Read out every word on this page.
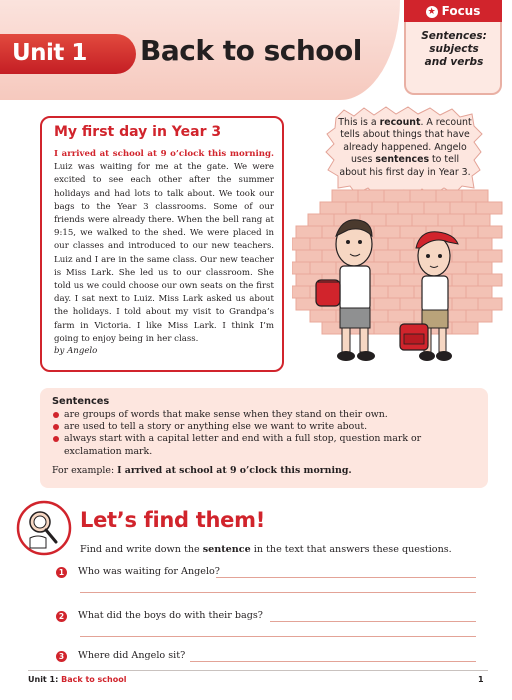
Unit 1 Back to school
★ Focus
Sentences:
subjects
and verbs
My first day in Year 3
I arrived at school at 9 o’clock this morning. Luiz was waiting for me at the gate. We were excited to see each other after the summer holidays and had lots to talk about. We took our bags to the Year 3 classrooms. Some of our friends were already there. When the bell rang at 9:15, we walked to the shed. We were placed in our classes and introduced to our new teachers. Luiz and I are in the same class. Our new teacher is Miss Lark. She led us to our classroom. She told us we could choose our own seats on the first day. I sat next to Luiz. Miss Lark asked us about the holidays. I told about my visit to Grandpa’s farm in Victoria. I like Miss Lark. I think I’m going to enjoy being in her class.
by Angelo
This is a recount. A recount tells about things that have already happened. Angelo uses sentences to tell about his first day in Year 3.
Sentences
are groups of words that make sense when they stand on their own.
are used to tell a story or anything else we want to write about.
always start with a capital letter and end with a full stop, question mark or
exclamation mark.
For example: I arrived at school at 9 o’clock this morning.
Let’s find them!
Find and write down the sentence in the text that answers these questions.
1	Who was waiting for Angelo?
2	What did the boys do with their bags?
3	Where did Angelo sit?
Unit 1: Back to school	1
